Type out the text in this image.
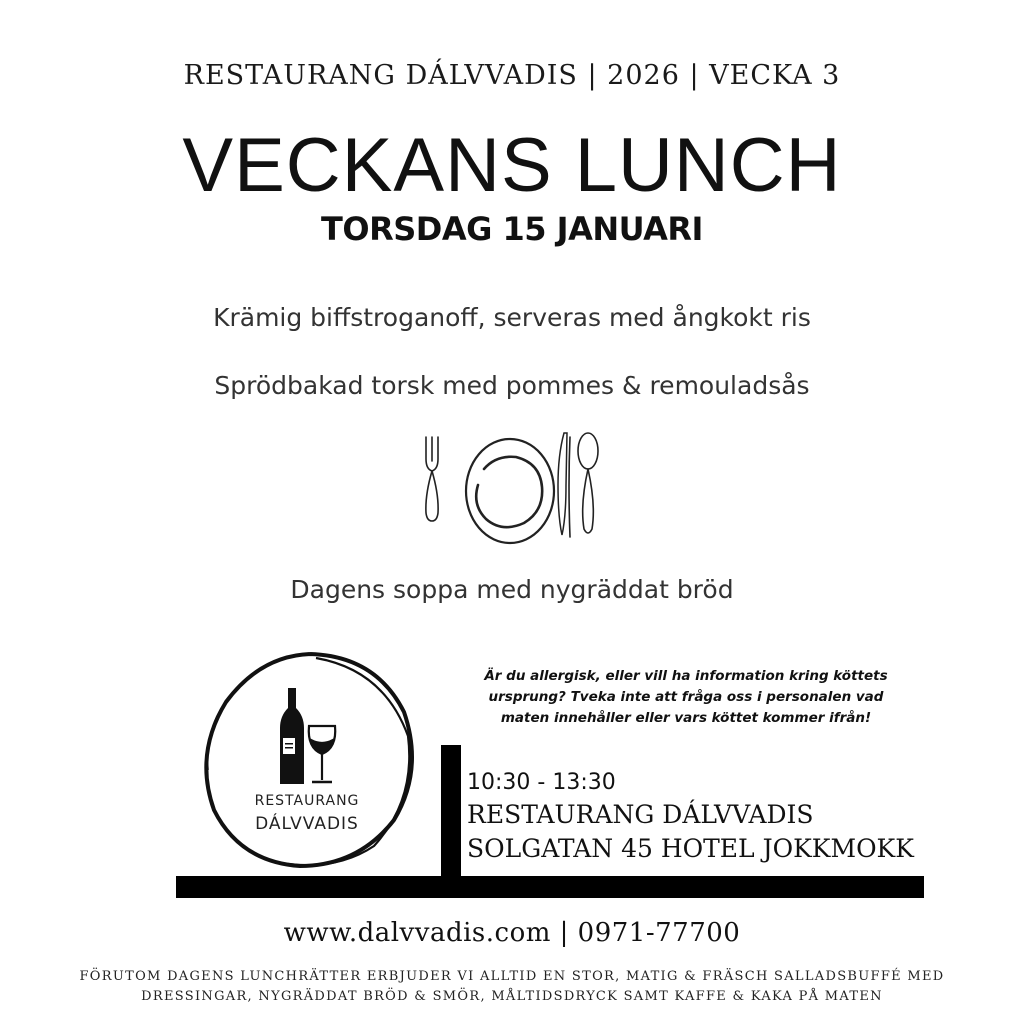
RESTAURANG DÁLVVADIS | 2026 | VECKA 3
VECKANS LUNCH
TORSDAG 15 JANUARI
Krämig biffstroganoff, serveras med ångkokt ris
Sprödbakad torsk med pommes & remouladsås
Dagens soppa med nygräddat bröd
RESTAURANG
DÁLVVADIS
Är du allergisk, eller vill ha information kring köttets ursprung? Tveka inte att fråga oss i personalen vad maten innehåller eller vars köttet kommer ifrån!
10:30 - 13:30
RESTAURANG DÁLVVADIS
SOLGATAN 45 HOTEL JOKKMOKK
www.dalvvadis.com | 0971-77700
FÖRUTOM DAGENS LUNCHRÄTTER ERBJUDER VI ALLTID EN STOR, MATIG & FRÄSCH SALLADSBUFFÉ MED DRESSINGAR, NYGRÄDDAT BRÖD & SMÖR, MÅLTIDSDRYCK SAMT KAFFE & KAKA PÅ MATEN
